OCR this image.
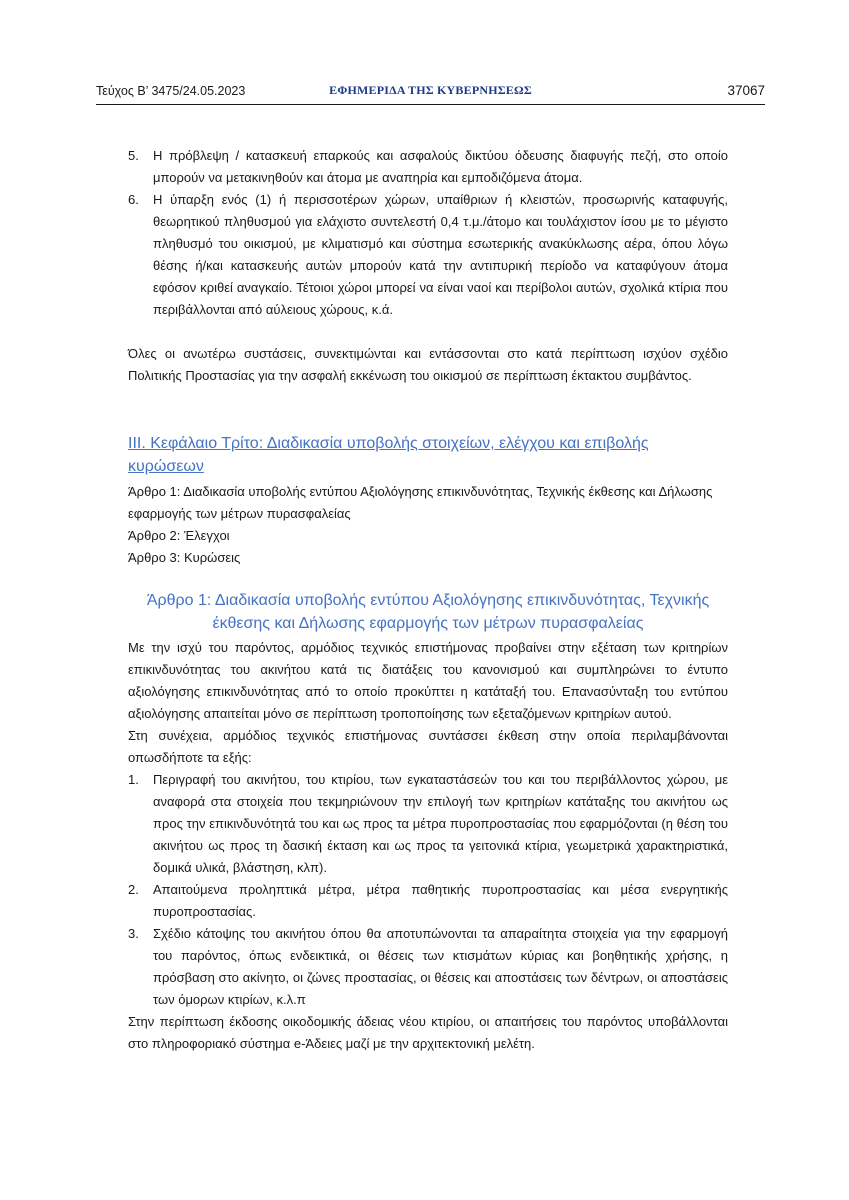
Τεύχος Β’ 3475/24.05.2023	ΕΦΗΜΕΡΙΔΑ ΤΗΣ ΚΥΒΕΡΝΗΣΕΩΣ	37067
5. Η πρόβλεψη / κατασκευή επαρκούς και ασφαλούς δικτύου όδευσης διαφυγής πεζή, στο οποίο μπορούν να μετακινηθούν και άτομα με αναπηρία και εμποδιζόμενα άτομα.
6. Η ύπαρξη ενός (1) ή περισσοτέρων χώρων, υπαίθριων ή κλειστών, προσωρινής καταφυγής, θεωρητικού πληθυσμού για ελάχιστο συντελεστή 0,4 τ.μ./άτομο και τουλάχιστον ίσου με το μέγιστο πληθυσμό του οικισμού, με κλιματισμό και σύστημα εσωτερικής ανακύκλωσης αέρα, όπου λόγω θέσης ή/και κατασκευής αυτών μπορούν κατά την αντιπυρική περίοδο να καταφύγουν άτομα εφόσον κριθεί αναγκαίο. Τέτοιοι χώροι μπορεί να είναι ναοί και περίβολοι αυτών, σχολικά κτίρια που περιβάλλονται από αύλειους χώρους, κ.ά.

Όλες οι ανωτέρω συστάσεις, συνεκτιμώνται και εντάσσονται στο κατά περίπτωση ισχύον σχέδιο Πολιτικής Προστασίας για την ασφαλή εκκένωση του οικισμού σε περίπτωση έκτακτου συμβάντος.

ΙΙΙ. Κεφάλαιο Τρίτο: Διαδικασία υποβολής στοιχείων, ελέγχου και επιβολής κυρώσεων

Άρθρο 1: Διαδικασία υποβολής εντύπου Αξιολόγησης επικινδυνότητας, Τεχνικής έκθεσης και Δήλωσης εφαρμογής των μέτρων πυρασφαλείας

Άρθρο 2: Έλεγχοι

Άρθρο 3: Κυρώσεις

Άρθρο 1: Διαδικασία υποβολής εντύπου Αξιολόγησης επικινδυνότητας, Τεχνικής έκθεσης και Δήλωσης εφαρμογής των μέτρων πυρασφαλείας

Με την ισχύ του παρόντος, αρμόδιος τεχνικός επιστήμονας προβαίνει στην εξέταση των κριτηρίων επικινδυνότητας του ακινήτου κατά τις διατάξεις του κανονισμού και συμπληρώνει το έντυπο αξιολόγησης επικινδυνότητας από το οποίο προκύπτει η κατάταξή του. Επανασύνταξη του εντύπου αξιολόγησης απαιτείται μόνο σε περίπτωση τροποποίησης των εξεταζόμενων κριτηρίων αυτού.

Στη συνέχεια, αρμόδιος τεχνικός επιστήμονας συντάσσει έκθεση στην οποία περιλαμβάνονται οπωσδήποτε τα εξής:

1. Περιγραφή του ακινήτου, του κτιρίου, των εγκαταστάσεών του και του περιβάλλοντος χώρου, με αναφορά στα στοιχεία που τεκμηριώνουν την επιλογή των κριτηρίων κατάταξης του ακινήτου ως προς την επικινδυνότητά του και ως προς τα μέτρα πυροπροστασίας που εφαρμόζονται (η θέση του ακινήτου ως προς τη δασική έκταση και ως προς τα γειτονικά κτίρια, γεωμετρικά χαρακτηριστικά, δομικά υλικά, βλάστηση, κλπ).
2. Απαιτούμενα προληπτικά μέτρα, μέτρα παθητικής πυροπροστασίας και μέσα ενεργητικής πυροπροστασίας.
3. Σχέδιο κάτοψης του ακινήτου όπου θα αποτυπώνονται τα απαραίτητα στοιχεία για την εφαρμογή του παρόντος, όπως ενδεικτικά, οι θέσεις των κτισμάτων κύριας και βοηθητικής χρήσης, η πρόσβαση στο ακίνητο, οι ζώνες προστασίας, οι θέσεις και αποστάσεις των δέντρων, οι αποστάσεις των όμορων κτιρίων, κ.λ.π

Στην περίπτωση έκδοσης οικοδομικής άδειας νέου κτιρίου, οι απαιτήσεις του παρόντος υποβάλλονται στο πληροφοριακό σύστημα e-Άδειες μαζί με την αρχιτεκτονική μελέτη.
